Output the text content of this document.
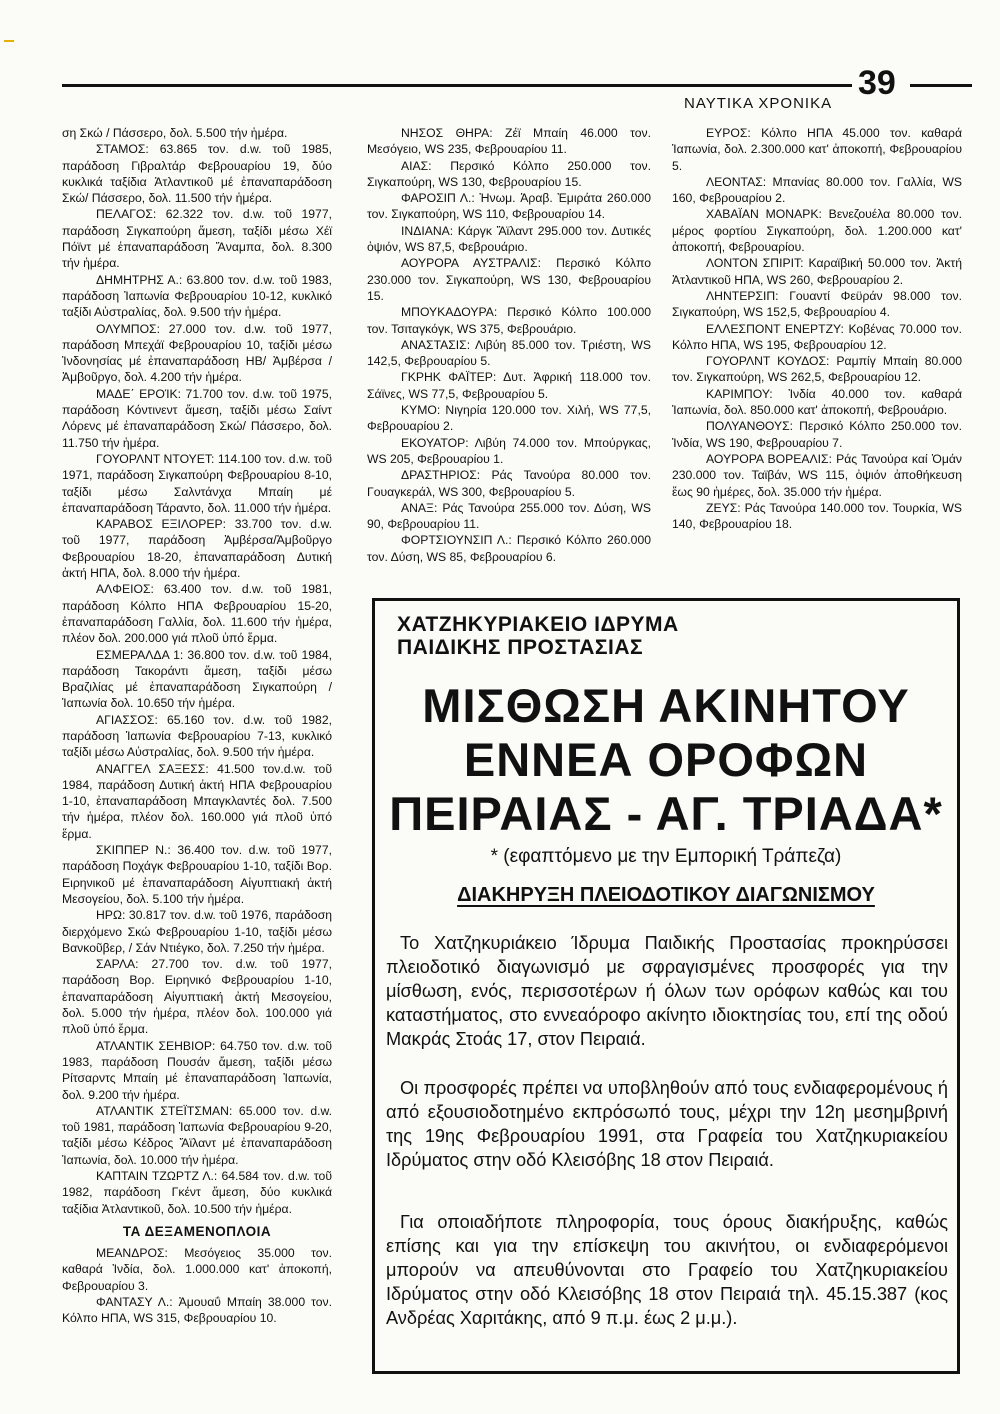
ΝΑΥΤΙΚΑ ΧΡΟΝΙΚΑ
39

ση Σκώ / Πάσσερο, δολ. 5.500 τήν ἡμέρα.

ΣΤΑΜΟΣ: 63.865 τον. d.w. τοῦ 1985, παράδοση Γιβραλτάρ Φεβρουαρίου 19, δύο κυκλικά ταξίδια Ἀτλαντικοῦ μέ ἐπαναπαράδοση Σκώ/ Πάσσερο, δολ. 11.500 τήν ἡμέρα.

ΠΕΛΑΓΟΣ: 62.322 τον. d.w. τοῦ 1977, παράδοση Σιγκαπούρη ἄμεση, ταξίδι μέσω Χέϊ Πόϊντ μέ ἐπαναπαράδοση Ἄναμπα, δολ. 8.300 τήν ἡμέρα.

ΔΗΜΗΤΡΗΣ Α.: 63.800 τον. d.w. τοῦ 1983, παράδοση Ἰαπωνία Φεβρουαρίου 10-12, κυκλικό ταξίδι Αὐστραλίας, δολ. 9.500 τήν ἡμέρα.

ΟΛΥΜΠΟΣ: 27.000 τον. d.w. τοῦ 1977, παράδοση Μπεχάϊ Φεβρουαρίου 10, ταξίδι μέσω Ἰνδονησίας μέ ἐπαναπαράδοση ΗΒ/ Ἀμβέρσα / Ἀμβοῦργο, δολ. 4.200 τήν ἡμέρα.

ΜΑΔΕ΄ ΕΡΟΊΚ: 71.700 τον. d.w. τοῦ 1975, παράδοση Κόντινεντ ἄμεση, ταξίδι μέσω Σαίντ Λόρενς μέ ἐπαναπαράδοση Σκώ/ Πάσσερο, δολ. 11.750 τήν ἡμέρα.

ΓΟΥΟΡΛΝΤ ΝΤΟΥΕΤ: 114.100 τον. d.w. τοῦ 1971, παράδοση Σιγκαπούρη Φεβρουαρίου 8-10, ταξίδι μέσω Σαλντάνχα Μπαίη μέ ἐπαναπαράδοση Τάραντο, δολ. 11.000 τήν ἡμέρα.

ΚΑΡΑΒΟΣ ΕΞΙΛΟΡΕΡ: 33.700 τον. d.w. τοῦ 1977, παράδοση Ἀμβέρσα/Ἀμβοῦργο Φεβρουαρίου 18-20, ἐπαναπαράδοση Δυτική ἀκτή ΗΠΑ, δολ. 8.000 τήν ἡμέρα.

ΑΛΦΕΙΟΣ: 63.400 τον. d.w. τοῦ 1981, παράδοση Κόλπο ΗΠΑ Φεβρουαρίου 15-20, ἐπαναπαράδοση Γαλλία, δολ. 11.600 τήν ἡμέρα, πλέον δολ. 200.000 γιά πλοῦ ὑπό ἕρμα.

ΕΣΜΕΡΑΛΔΑ 1: 36.800 τον. d.w. τοῦ 1984, παράδοση Τακοράντι ἄμεση, ταξίδι μέσω Βραζιλίας μέ ἐπαναπαράδοση Σιγκαπούρη /Ἰαπωνία δολ. 10.650 τήν ἡμέρα.

ΑΓΙΑΣΣΟΣ: 65.160 τον. d.w. τοῦ 1982, παράδοση Ἰαπωνία Φεβρουαρίου 7-13, κυκλικό ταξίδι μέσω Αὐστραλίας, δολ. 9.500 τήν ἡμέρα.

ΑΝΑΓΓΕΛ ΣΑΞΕΣΣ: 41.500 τον.d.w. τοῦ 1984, παράδοση Δυτική ἀκτή ΗΠΑ Φεβρουαρίου 1-10, ἐπαναπαράδοση Μπαγκλαντές δολ. 7.500 τήν ἡμέρα, πλέον δολ. 160.000 γιά πλοῦ ὑπό ἕρμα.

ΣΚΙΠΠΕΡ Ν.: 36.400 τον. d.w. τοῦ 1977, παράδοση Ποχάγκ Φεβρουαρίου 1-10, ταξίδι Βορ. Ειρηνικοῦ μέ ἐπαναπαράδοση Αἰγυπτιακή ἀκτή Μεσογείου, δολ. 5.100 τήν ἡμέρα.

ΗΡΩ: 30.817 τον. d.w. τοῦ 1976, παράδοση διερχόμενο Σκώ Φεβρουαρίου 1-10, ταξίδι μέσω Βανκοῦβερ, / Σάν Ντιέγκο, δολ. 7.250 τήν ἡμέρα.

ΣΑΡΛΑ: 27.700 τον. d.w. τοῦ 1977, παράδοση Βορ. Ειρηνικό Φεβρουαρίου 1-10, ἐπαναπαράδοση Αἰγυπτιακή ἀκτή Μεσογείου, δολ. 5.000 τήν ἡμέρα, πλέον δολ. 100.000 γιά πλοῦ ὑπό ἕρμα.

ΑΤΛΑΝΤΙΚ ΣΕΗΒΙΟΡ: 64.750 τον. d.w. τοῦ 1983, παράδοση Πουσάν ἄμεση, ταξίδι μέσω Ρίτσαρντς Μπαίη μέ ἐπαναπαράδοση Ἰαπωνία, δολ. 9.200 τήν ἡμέρα.

ΑΤΛΑΝΤΙΚ ΣΤΕΪΤΣΜΑΝ: 65.000 τον. d.w. τοῦ 1981, παράδοση Ἰαπωνία Φεβρουαρίου 9-20, ταξίδι μέσω Κέδρος Ἄϊλαντ μέ ἐπαναπαράδοση Ἰαπωνία, δολ. 10.000 τήν ἡμέρα.

ΚΑΠΤΑΙΝ ΤΖΩΡΤΖ Λ.: 64.584 τον. d.w. τοῦ 1982, παράδοση Γκέντ ἄμεση, δύο κυκλικά ταξίδια Ἀτλαντικοῦ, δολ. 10.500 τήν ἡμέρα.

ΤΑ ΔΕΞΑΜΕΝΟΠΛΟΙΑ

ΜΕΑΝΔΡΟΣ: Μεσόγειος 35.000 τον. καθαρά Ἰνδία, δολ. 1.000.000 κατ' ἀποκοπή, Φεβρουαρίου 3.

ΦΑΝΤΑΣΥ Λ.: Ἀμουαΰ Μπαίη 38.000 τον. Κόλπο ΗΠΑ, WS 315, Φεβρουαρίου 10.

ΝΗΣΟΣ ΘΗΡΑ: Ζέϊ Μπαίη 46.000 τον. Μεσόγειο, WS 235, Φεβρουαρίου 11.

ΑΙΑΣ: Περσικό Κόλπο 250.000 τον. Σιγκαπούρη, WS 130, Φεβρουαρίου 15.

ΦΑΡΟΣΙΠ Λ.: Ἡνωμ. Ἀραβ. Ἐμιράτα 260.000 τον. Σιγκαπούρη, WS 110, Φεβρουαρίου 14.

ΙΝΔΙΑΝΑ: Κάργκ Ἄϊλαντ 295.000 τον. Δυτικές ὀψιόν, WS 87,5, Φεβρουάριο.

ΑΟΥΡΟΡΑ ΑΥΣΤΡΑΛΙΣ: Περσικό Κόλπο 230.000 τον. Σιγκαπούρη, WS 130, Φεβρουαρίου 15.

ΜΠΟΥΚΑΔΟΥΡΑ: Περσικό Κόλπο 100.000 τον. Τσιταγκόγκ, WS 375, Φεβρουάριο.

ΑΝΑΣΤΑΣΙΣ: Λιβύη 85.000 τον. Τριέστη, WS 142,5, Φεβρουαρίου 5.

ΓΚΡΗΚ ΦΑΪΤΕΡ: Δυτ. Ἀφρική 118.000 τον. Σάϊνες, WS 77,5, Φεβρουαρίου 5.

ΚΥΜΟ: Νιγηρία 120.000 τον. Χιλή, WS 77,5, Φεβρουαρίου 2.

ΕΚΟΥΑΤΟΡ: Λιβύη 74.000 τον. Μπούργκας, WS 205, Φεβρουαρίου 1.

ΔΡΑΣΤΗΡΙΟΣ: Ράς Τανούρα 80.000 τον. Γουαγκεράλ, WS 300, Φεβρουαρίου 5.

ΑΝΑΞ: Ράς Τανούρα 255.000 τον. Δύση, WS 90, Φεβρουαρίου 11.

ΦΟΡΤΣΙΟΥΝΣΙΠ Λ.: Περσικό Κόλπο 260.000 τον. Δύση, WS 85, Φεβρουαρίου 6.

ΕΥΡΟΣ: Κόλπο ΗΠΑ 45.000 τον. καθαρά Ἰαπωνία, δολ. 2.300.000 κατ' ἀποκοπή, Φεβρουαρίου 5.

ΛΕΟΝΤΑΣ: Μπανίας 80.000 τον. Γαλλία, WS 160, Φεβρουαρίου 2.

ΧΑΒΑΪΑΝ ΜΟΝΑΡΚ: Βενεζουέλα 80.000 τον. μέρος φορτίου Σιγκαπούρη, δολ. 1.200.000 κατ' ἀποκοπή, Φεβρουαρίου.

ΛΟΝΤΟΝ ΣΠΙΡΙΤ: Καραϊβική 50.000 τον. Ἀκτή Ἀτλαντικοῦ ΗΠΑ, WS 260, Φεβρουαρίου 2.

ΛΗΝΤΕΡΣΙΠ: Γουαντί Φεϋράν 98.000 τον. Σιγκαπούρη, WS 152,5, Φεβρουαρίου 4.

ΕΛΛΕΣΠΟΝΤ ΕΝΕΡΤΖΥ: Κοβένας 70.000 τον. Κόλπο ΗΠΑ, WS 195, Φεβρουαρίου 12.

ΓΟΥΟΡΛΝΤ ΚΟΥΔΟΣ: Ραμπίγ Μπαίη 80.000 τον. Σιγκαπούρη, WS 262,5, Φεβρουαρίου 12.

ΚΑΡΙΜΠΟΥ: Ἰνδία 40.000 τον. καθαρά Ἰαπωνία, δολ. 850.000 κατ' ἀποκοπή, Φεβρουάριο.

ΠΟΛΥΑΝΘΟΥΣ: Περσικό Κόλπο 250.000 τον. Ἰνδία, WS 190, Φεβρουαρίου 7.

ΑΟΥΡΟΡΑ ΒΟΡΕΑΛΙΣ: Ράς Τανούρα καί Ὀμάν 230.000 τον. Ταϊβάν, WS 115, ὀψιόν ἀποθήκευση ἕως 90 ἡμέρες, δολ. 35.000 τήν ἡμέρα.

ΖΕΥΣ: Ράς Τανούρα 140.000 τον. Τουρκία, WS 140, Φεβρουαρίου 18.

ΧΑΤΖΗΚΥΡΙΑΚΕΙΟ ΙΔΡΥΜΑ
ΠΑΙΔΙΚΗΣ ΠΡΟΣΤΑΣΙΑΣ
ΜΙΣΘΩΣΗ ΑΚΙΝΗΤΟΥ
ΕΝΝΕΑ ΟΡΟΦΩΝ
ΠΕΙΡΑΙΑΣ - ΑΓ. ΤΡΙΑΔΑ*
* (εφαπτόμενο με την Εμπορική Τράπεζα)
ΔΙΑΚΗΡΥΞΗ ΠΛΕΙΟΔΟΤΙΚΟΥ ΔΙΑΓΩΝΙΣΜΟΥ

Το Χατζηκυριάκειο Ίδρυμα Παιδικής Προστασίας προκηρύσσει πλειοδοτικό διαγωνισμό με σφραγισμένες προσφορές για την μίσθωση, ενός, περισσοτέρων ή όλων των ορόφων καθώς και του καταστήματος, στο εννεαόροφο ακίνητο ιδιοκτησίας του, επί της οδού Μακράς Στοάς 17, στον Πειραιά.

Οι προσφορές πρέπει να υποβληθούν από τους ενδιαφερομένους ή από εξουσιοδοτημένο εκπρόσωπό τους, μέχρι την 12η μεσημβρινή της 19ης Φεβρουαρίου 1991, στα Γραφεία του Χατζηκυριακείου Ιδρύματος στην οδό Κλεισόβης 18 στον Πειραιά.

Για οποιαδήποτε πληροφορία, τους όρους διακήρυξης, καθώς επίσης και για την επίσκεψη του ακινήτου, οι ενδιαφερόμενοι μπορούν να απευθύνονται στο Γραφείο του Χατζηκυριακείου Ιδρύματος στην οδό Κλεισόβης 18 στον Πειραιά τηλ. 45.15.387 (κος Ανδρέας Χαριτάκης, από 9 π.μ. έως 2 μ.μ.).
